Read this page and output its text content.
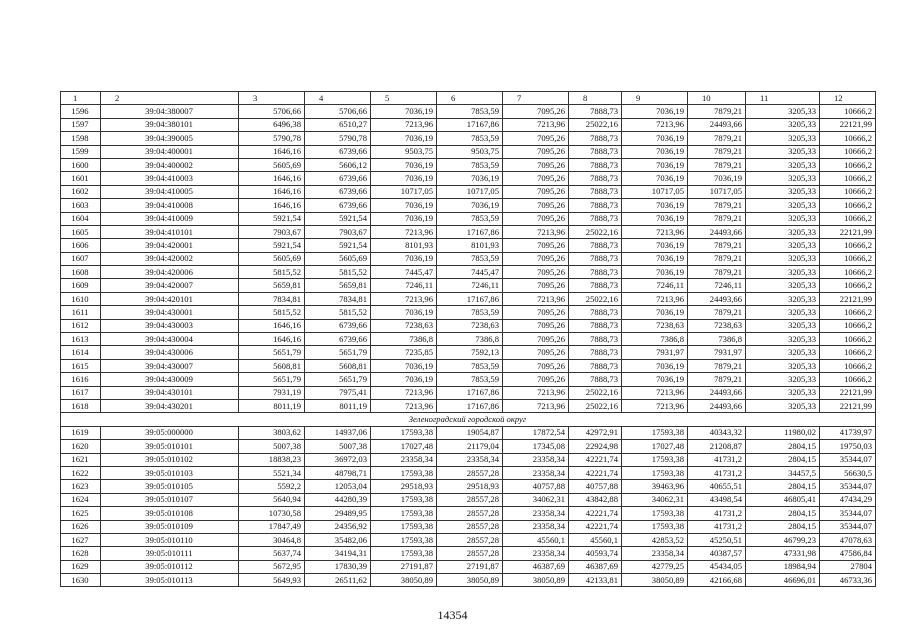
1	2	3	4	5	6	7	8	9	10	11	12
1596	39:04:380007	5706,66	5706,66	7036,19	7853,59	7095,26	7888,73	7036,19	7879,21	3205,33	10666,2
1597	39:04:380101	6496,38	6510,27	7213,96	17167,86	7213,96	25022,16	7213,96	24493,66	3205,33	22121,99
1598	39:04:390005	5790,78	5790,78	7036,19	7853,59	7095,26	7888,73	7036,19	7879,21	3205,33	10666,2
1599	39:04:400001	1646,16	6739,66	9503,75	9503,75	7095,26	7888,73	7036,19	7879,21	3205,33	10666,2
1600	39:04:400002	5605,69	5606,12	7036,19	7853,59	7095,26	7888,73	7036,19	7879,21	3205,33	10666,2
1601	39:04:410003	1646,16	6739,66	7036,19	7036,19	7095,26	7888,73	7036,19	7036,19	3205,33	10666,2
1602	39:04:410005	1646,16	6739,66	10717,05	10717,05	7095,26	7888,73	10717,05	10717,05	3205,33	10666,2
1603	39:04:410008	1646,16	6739,66	7036,19	7036,19	7095,26	7888,73	7036,19	7879,21	3205,33	10666,2
1604	39:04:410009	5921,54	5921,54	7036,19	7853,59	7095,26	7888,73	7036,19	7879,21	3205,33	10666,2
1605	39:04:410101	7903,67	7903,67	7213,96	17167,86	7213,96	25022,16	7213,96	24493,66	3205,33	22121,99
1606	39:04:420001	5921,54	5921,54	8101,93	8101,93	7095,26	7888,73	7036,19	7879,21	3205,33	10666,2
1607	39:04:420002	5605,69	5605,69	7036,19	7853,59	7095,26	7888,73	7036,19	7879,21	3205,33	10666,2
1608	39:04:420006	5815,52	5815,52	7445,47	7445,47	7095,26	7888,73	7036,19	7879,21	3205,33	10666,2
1609	39:04:420007	5659,81	5659,81	7246,11	7246,11	7095,26	7888,73	7246,11	7246,11	3205,33	10666,2
1610	39:04:420101	7834,81	7834,81	7213,96	17167,86	7213,96	25022,16	7213,96	24493,66	3205,33	22121,99
1611	39:04:430001	5815,52	5815,52	7036,19	7853,59	7095,26	7888,73	7036,19	7879,21	3205,33	10666,2
1612	39:04:430003	1646,16	6739,66	7238,63	7238,63	7095,26	7888,73	7238,63	7238,63	3205,33	10666,2
1613	39:04:430004	1646,16	6739,66	7386,8	7386,8	7095,26	7888,73	7386,8	7386,8	3205,33	10666,2
1614	39:04:430006	5651,79	5651,79	7235,85	7592,13	7095,26	7888,73	7931,97	7931,97	3205,33	10666,2
1615	39:04:430007	5608,81	5608,81	7036,19	7853,59	7095,26	7888,73	7036,19	7879,21	3205,33	10666,2
1616	39:04:430009	5651,79	5651,79	7036,19	7853,59	7095,26	7888,73	7036,19	7879,21	3205,33	10666,2
1617	39:04:430101	7931,19	7975,41	7213,96	17167,86	7213,96	25022,16	7213,96	24493,66	3205,33	22121,99
1618	39:04:430201	8011,19	8011,19	7213,96	17167,86	7213,96	25022,16	7213,96	24493,66	3205,33	22121,99
Зеленоградский городской округ											
1619	39:05:000000	3803,62	14937,06	17593,38	19054,87	17872,54	42972,91	17593,38	40343,32	11980,02	41739,97
1620	39:05:010101	5007,38	5007,38	17027,48	21179,04	17345,08	22924,98	17027,48	21208,87	2804,15	19750,03
1621	39:05:010102	18838,23	36972,03	23358,34	23358,34	23358,34	42221,74	17593,38	41731,2	2804,15	35344,07
1622	39:05:010103	5521,34	48798,71	17593,38	28557,28	23358,34	42221,74	17593,38	41731,2	34457,5	56630,5
1623	39:05:010105	5592,2	12053,04	29518,93	29518,93	40757,88	40757,88	39463,96	40655,51	2804,15	35344,07
1624	39:05:010107	5640,94	44280,39	17593,38	28557,28	34062,31	43842,88	34062,31	43498,54	46805,41	47434,29
1625	39:05:010108	10730,58	29489,95	17593,38	28557,28	23358,34	42221,74	17593,38	41731,2	2804,15	35344,07
1626	39:05:010109	17847,49	24356,92	17593,38	28557,28	23358,34	42221,74	17593,38	41731,2	2804,15	35344,07
1627	39:05:010110	30464,8	35482,06	17593,38	28557,28	45560,1	45560,1	42853,52	45250,51	46799,23	47078,63
1628	39:05:010111	5637,74	34194,31	17593,38	28557,28	23358,34	40593,74	23358,34	40387,57	47331,98	47586,84
1629	39:05:010112	5672,95	17830,39	27191,87	27191,87	46387,69	46387,69	42779,25	45434,05	18984,94	27804
1630	39:05:010113	5649,93	26511,62	38050,89	38050,89	38050,89	42133,81	38050,89	42166,68	46696,01	46733,36
14354
